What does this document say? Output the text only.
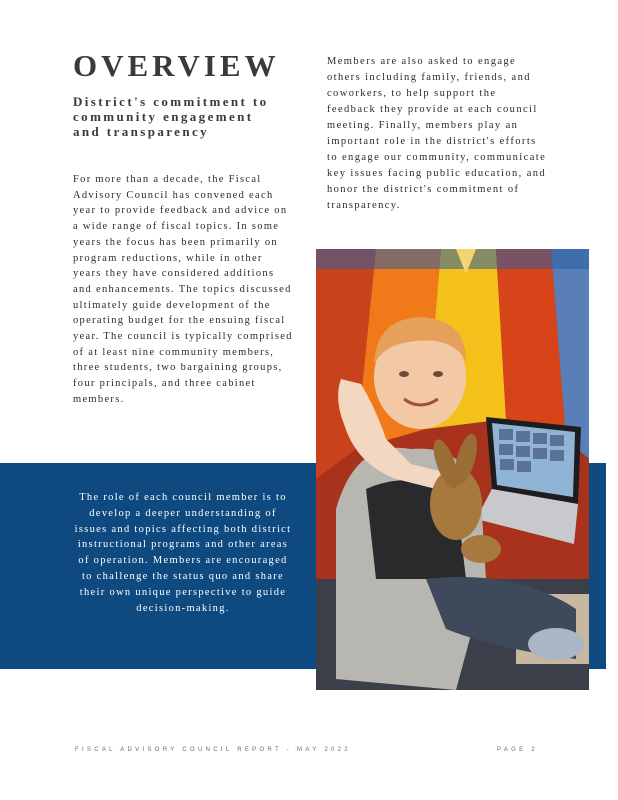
OVERVIEW
District's commitment to community engagement and transparency

For more than a decade, the Fiscal Advisory Council has convened each year to provide feedback and advice on a wide range of fiscal topics. In some years the focus has been primarily on program reductions, while in other years they have considered additions and enhancements. The topics discussed ultimately guide development of the operating budget for the ensuing fiscal year. The council is typically comprised of at least nine community members, three students, two bargaining groups, four principals, and three cabinet members.

Members are also asked to engage others including family, friends, and coworkers, to help support the feedback they provide at each council meeting. Finally, members play an important role in the district's efforts to engage our community, communicate key issues facing public education, and honor the district's commitment of transparency.

The role of each council member is to develop a deeper understanding of issues and topics affecting both district instructional programs and other areas of operation. Members are encouraged to challenge the status quo and share their own unique perspective to guide decision-making.

FISCAL ADVISORY COUNCIL REPORT - MAY 2022	PAGE 2
